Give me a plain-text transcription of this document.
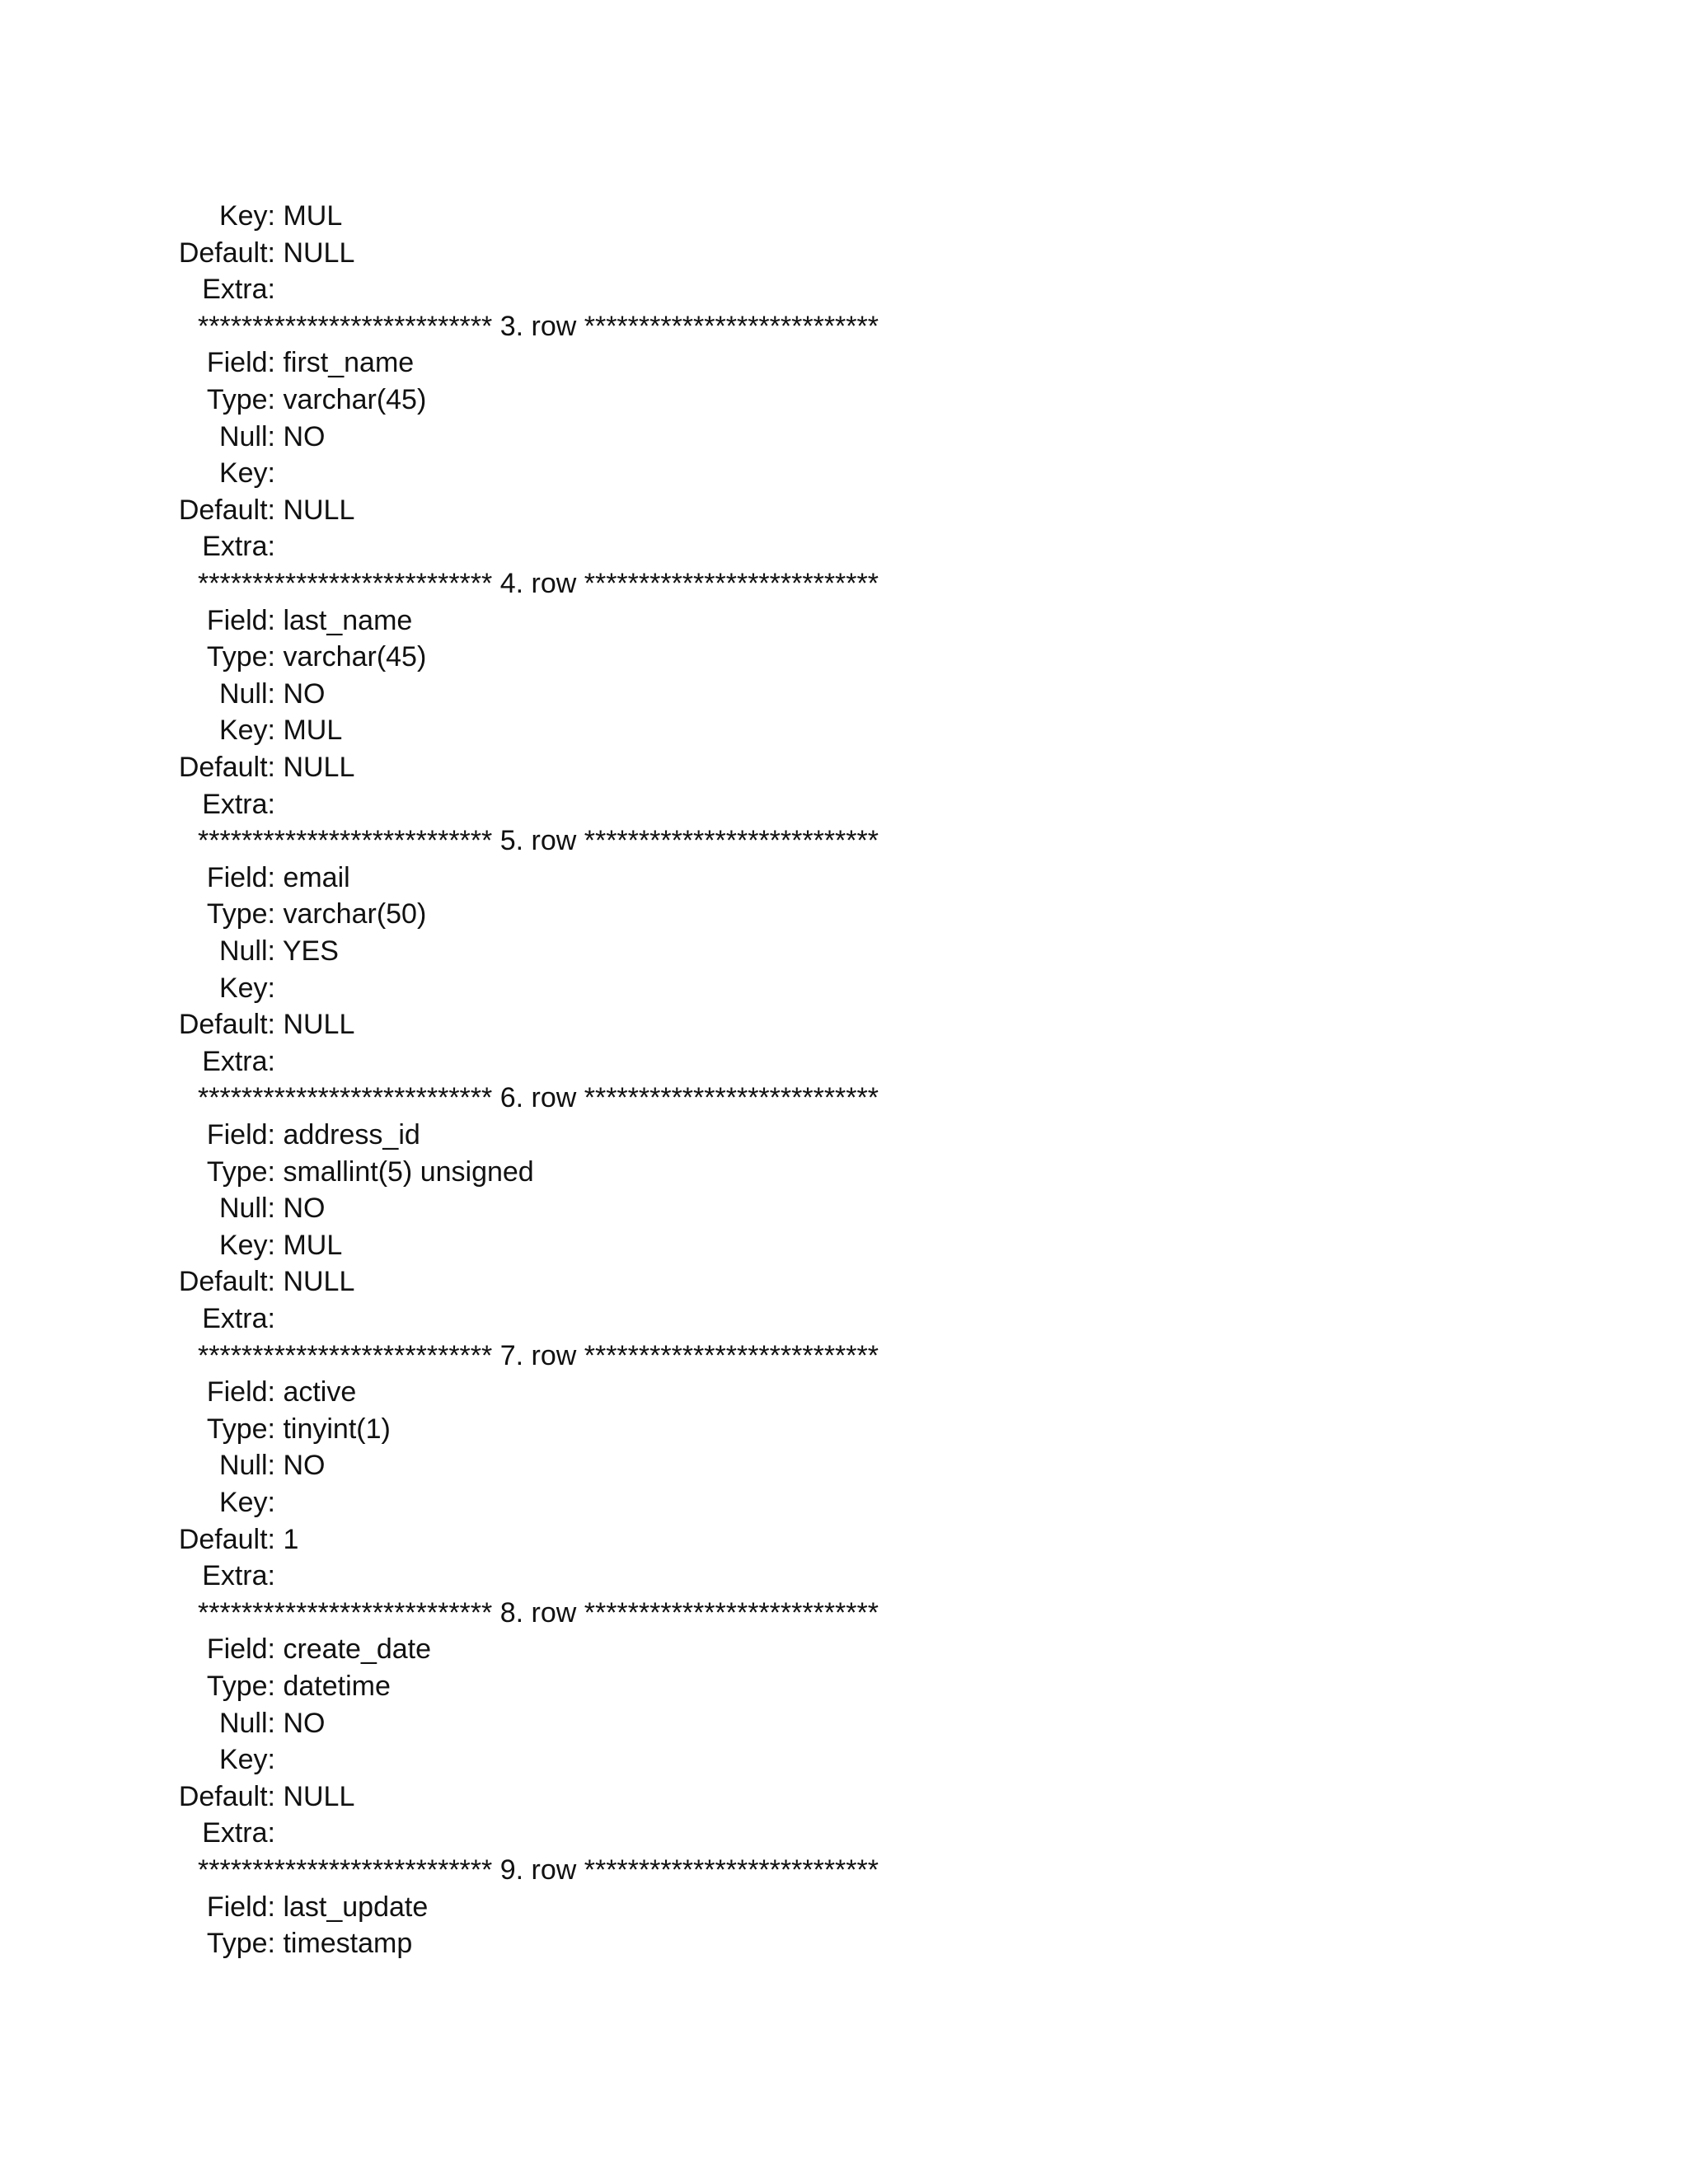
Key: MUL
Default: NULL
Extra:
*************************** 3. row ***************************
Field: first_name
Type: varchar(45)
Null: NO
Key:
Default: NULL
Extra:
*************************** 4. row ***************************
Field: last_name
Type: varchar(45)
Null: NO
Key: MUL
Default: NULL
Extra:
*************************** 5. row ***************************
Field: email
Type: varchar(50)
Null: YES
Key:
Default: NULL
Extra:
*************************** 6. row ***************************
Field: address_id
Type: smallint(5) unsigned
Null: NO
Key: MUL
Default: NULL
Extra:
*************************** 7. row ***************************
Field: active
Type: tinyint(1)
Null: NO
Key:
Default: 1
Extra:
*************************** 8. row ***************************
Field: create_date
Type: datetime
Null: NO
Key:
Default: NULL
Extra:
*************************** 9. row ***************************
Field: last_update
Type: timestamp
